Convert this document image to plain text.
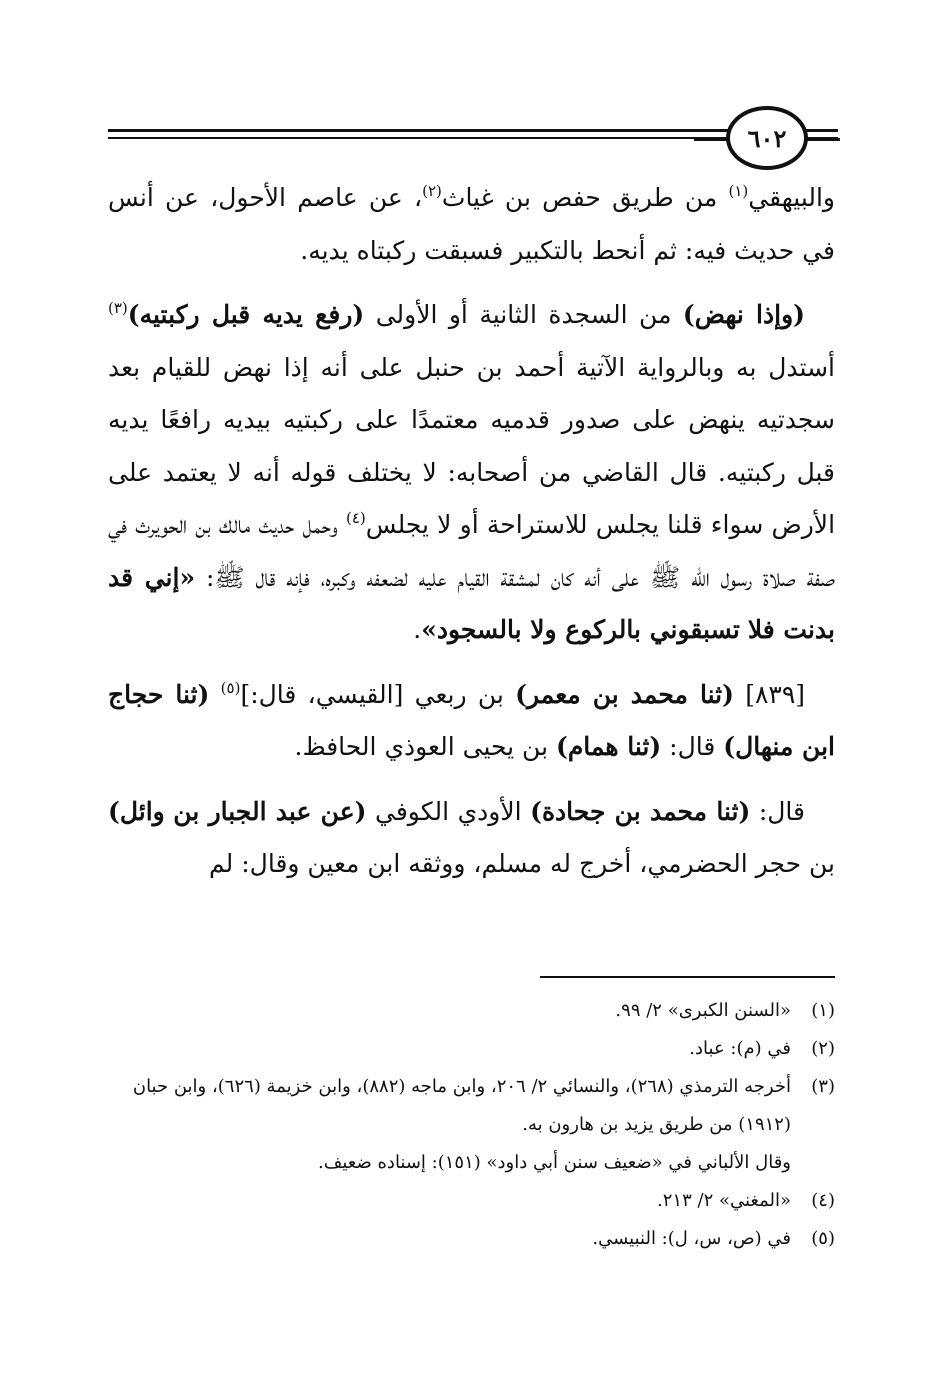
٦٠٢

والبيهقي$^{(١)}$ من طريق حفص بن غياث$^{(٢)}$، عن عاصم الأحول، عن أنس في حديث فيه: ثم أنحط بالتكبير فسبقت ركبتاه يديه.

(وإذا نهض) من السجدة الثانية أو الأولى (رفع يديه قبل ركبتيه)$^{(٣)}$ أستدل به وبالرواية الآتية أحمد بن حنبل على أنه إذا نهض للقيام بعد سجدتيه ينهض على صدور قدميه معتمدًا على ركبتيه بيديه رافعًا يديه قبل ركبتيه. قال القاضي من أصحابه: لا يختلف قوله أنه لا يعتمد على الأرض سواء قلنا يجلس للاستراحة أو لا يجلس$^{(٤)}$ وحمل حديث مالك بن الحويرث في صفة صلاة رسول الله ﷺ على أنه كان لمشقة القيام عليه لضعفه وكبره، فإنه قال ﷺ: «إني قد بدنت فلا تسبقوني بالركوع ولا بالسجود».

[٨٣٩] (ثنا محمد بن معمر) بن ربعي [القيسي، قال:]$^{(٥)}$ (ثنا حجاج ابن منهال) قال: (ثنا همام) بن يحيى العوذي الحافظ.

قال: (ثنا محمد بن جحادة) الأودي الكوفي (عن عبد الجبار بن وائل) بن حجر الحضرمي، أخرج له مسلم، ووثقه ابن معين وقال: لم

(١)
«السنن الكبرى» ٢/ ٩٩.
(٢)
في (م): عباد.
(٣)
أخرجه الترمذي (٢٦٨)، والنسائي ٢/ ٢٠٦، وابن ماجه (٨٨٢)، وابن خزيمة (٦٢٦)، وابن حبان (١٩١٢) من طريق يزيد بن هارون به.

وقال الألباني في «ضعيف سنن أبي داود» (١٥١): إسناده ضعيف.

(٤)
«المغني» ٢/ ٢١٣.
(٥)
في (ص، س، ل): النبيسي.
